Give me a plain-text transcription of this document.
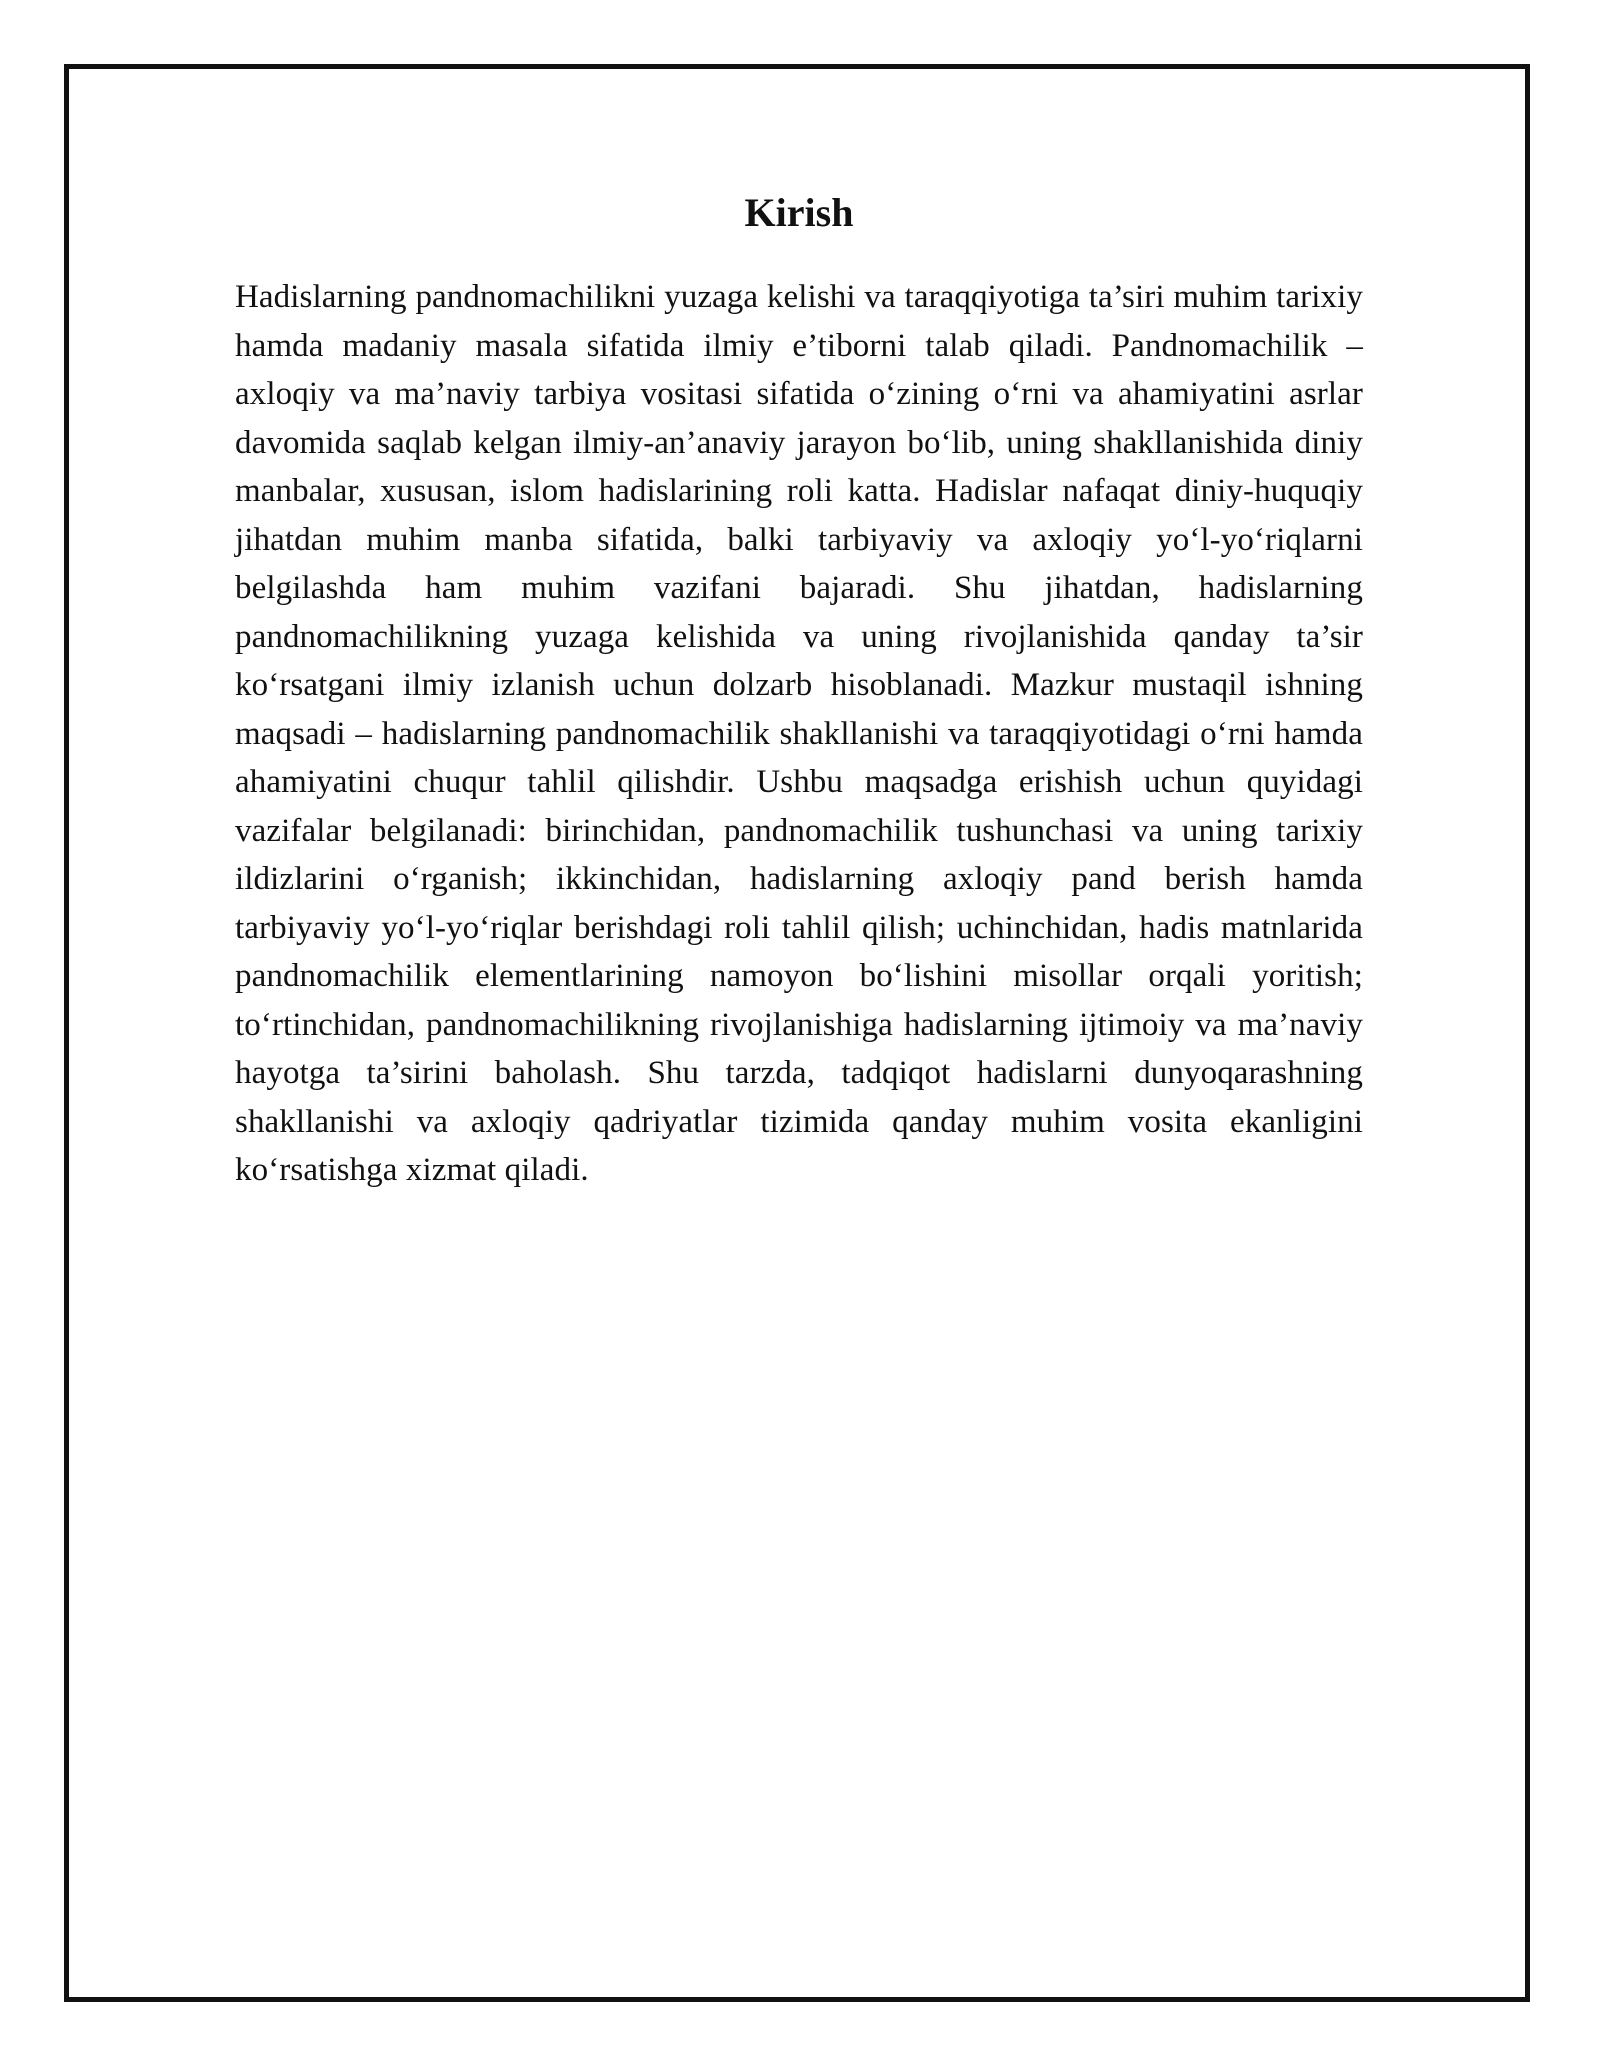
Kirish

Hadislarning pandnomachilikni yuzaga kelishi va taraqqiyotiga ta’siri muhim tarixiy hamda madaniy masala sifatida ilmiy e’tiborni talab qiladi. Pandnomachilik – axloqiy va ma’naviy tarbiya vositasi sifatida oʻzining oʻrni va ahamiyatini asrlar davomida saqlab kelgan ilmiy-an’anaviy jarayon boʻlib, uning shakllanishida diniy manbalar, xususan, islom hadislarining roli katta. Hadislar nafaqat diniy-huquqiy jihatdan muhim manba sifatida, balki tarbiyaviy va axloqiy yoʻl-yoʻriqlarni belgilashda ham muhim vazifani bajaradi. Shu jihatdan, hadislarning pandnomachilikning yuzaga kelishida va uning rivojlanishida qanday ta’sir koʻrsatgani ilmiy izlanish uchun dolzarb hisoblanadi. Mazkur mustaqil ishning maqsadi – hadislarning pandnomachilik shakllanishi va taraqqiyotidagi oʻrni hamda ahamiyatini chuqur tahlil qilishdir. Ushbu maqsadga erishish uchun quyidagi vazifalar belgilanadi: birinchidan, pandnomachilik tushunchasi va uning tarixiy ildizlarini oʻrganish; ikkinchidan, hadislarning axloqiy pand berish hamda tarbiyaviy yoʻl-yoʻriqlar berishdagi roli tahlil qilish; uchinchidan, hadis matnlarida pandnomachilik elementlarining namoyon boʻlishini misollar orqali yoritish; toʻrtinchidan, pandnomachilikning rivojlanishiga hadislarning ijtimoiy va ma’naviy hayotga ta’sirini baholash. Shu tarzda, tadqiqot hadislarni dunyoqarashning shakllanishi va axloqiy qadriyatlar tizimida qanday muhim vosita ekanligini koʻrsatishga xizmat qiladi.
